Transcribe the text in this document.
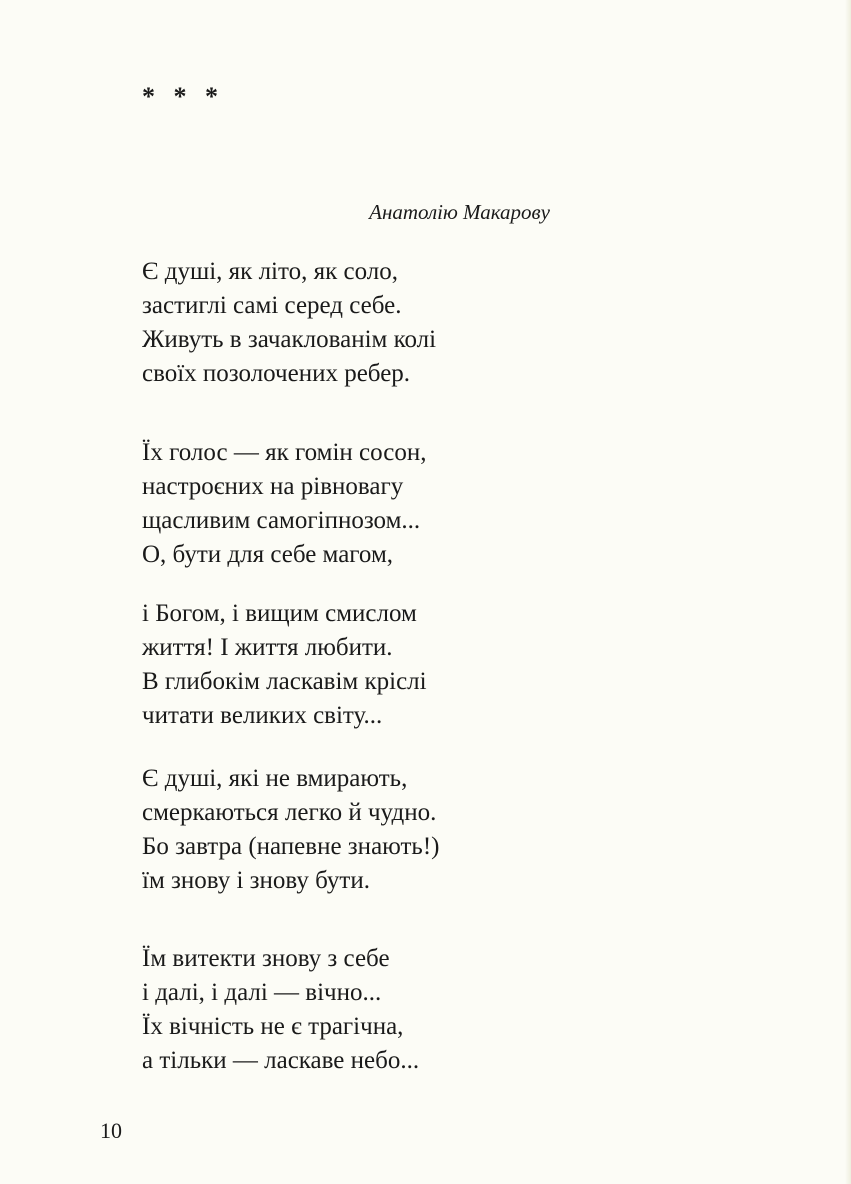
* * *
Анатолію Макарову
Є душі, як літо, як соло,
застиглі самі серед себе.
Живуть в зачаклованім колі
своїх позолочених ребер.
Їх голос — як гомін сосон,
настроєних на рівновагу
щасливим самогіпнозом...
О, бути для себе магом,
і Богом, і вищим смислом
життя! І життя любити.
В глибокім ласкавім кріслі
читати великих світу...
Є душі, які не вмирають,
смеркаються легко й чудно.
Бо завтра (напевне знають!)
їм знову і знову бути.
Їм витекти знову з себе
і далі, і далі — вічно...
Їх вічність не є трагічна,
а тільки — ласкаве небо...
10
